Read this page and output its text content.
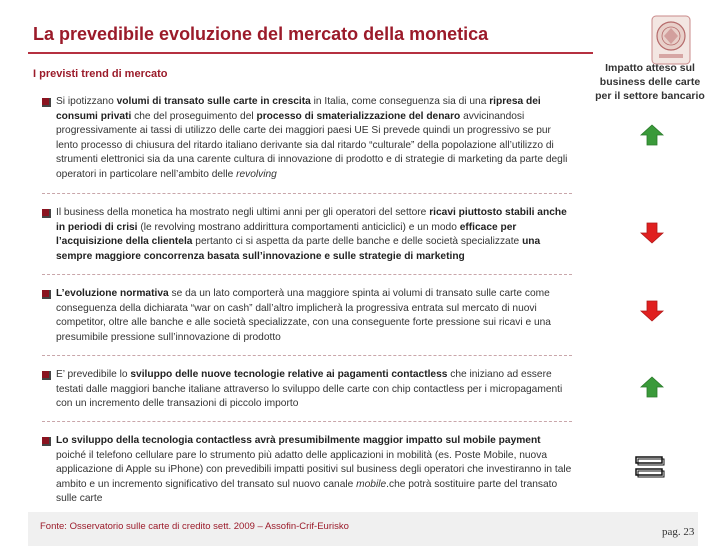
La prevedibile evoluzione del mercato della monetica
I previsti trend di mercato	Impatto atteso sul business delle carte per il settore bancario
Si ipotizzano volumi di transato sulle carte in crescita in Italia, come conseguenza sia di una ripresa dei consumi privati che del proseguimento del processo di smaterializzazione del denaro avvicinandosi progressivamente ai tassi di utilizzo delle carte dei maggiori paesi UE Si prevede quindi un progressivo se pur lento processo di chiusura del ritardo italiano derivante sia dal ritardo “culturale” della popolazione all’utilizzo di strumenti elettronici sia da una carente cultura di innovazione di prodotto e di strategie di marketing da parte degli operatori in particolare nell’ambito delle revolving
Il business della monetica ha mostrato negli ultimi anni per gli operatori del settore ricavi piuttosto stabili anche in periodi di crisi (le revolving mostrano addirittura comportamenti anticiclici) e un modo efficace per l’acquisizione della clientela pertanto ci si aspetta da parte delle banche e delle società specializzate una sempre maggiore concorrenza basata sull’innovazione e sulle strategie di marketing
L’evoluzione normativa se da un lato comporterà una maggiore spinta ai volumi di transato sulle carte come conseguenza della dichiarata “war on cash” dall’altro implicherà la progressiva entrata sul mercato di nuovi competitor, oltre alle banche e alle società specializzate, con una conseguente forte pressione sui ricavi e una presumibile pressione sull’innovazione di prodotto
E’ prevedibile lo sviluppo delle nuove tecnologie relative ai pagamenti contactless che iniziano ad essere testati dalle maggiori banche italiane attraverso lo sviluppo delle carte con chip contactless per i micropagamenti con un incremento delle transazioni di piccolo importo
Lo sviluppo della tecnologia contactless avrà presumibilmente maggior impatto sul mobile payment poiché il telefono cellulare pare lo strumento più adatto delle applicazioni in mobilità (es. Poste Mobile, nuova applicazione di Apple su iPhone) con prevedibili impatti positivi sul business degli operatori che investiranno in tale ambito e un incremento significativo del transato sul nuovo canale mobile.che potrà sostituire parte del transato sulle carte
Fonte: Osservatorio sulle carte di credito sett. 2009 – Assofin-Crif-Eurisko	pag. 23
